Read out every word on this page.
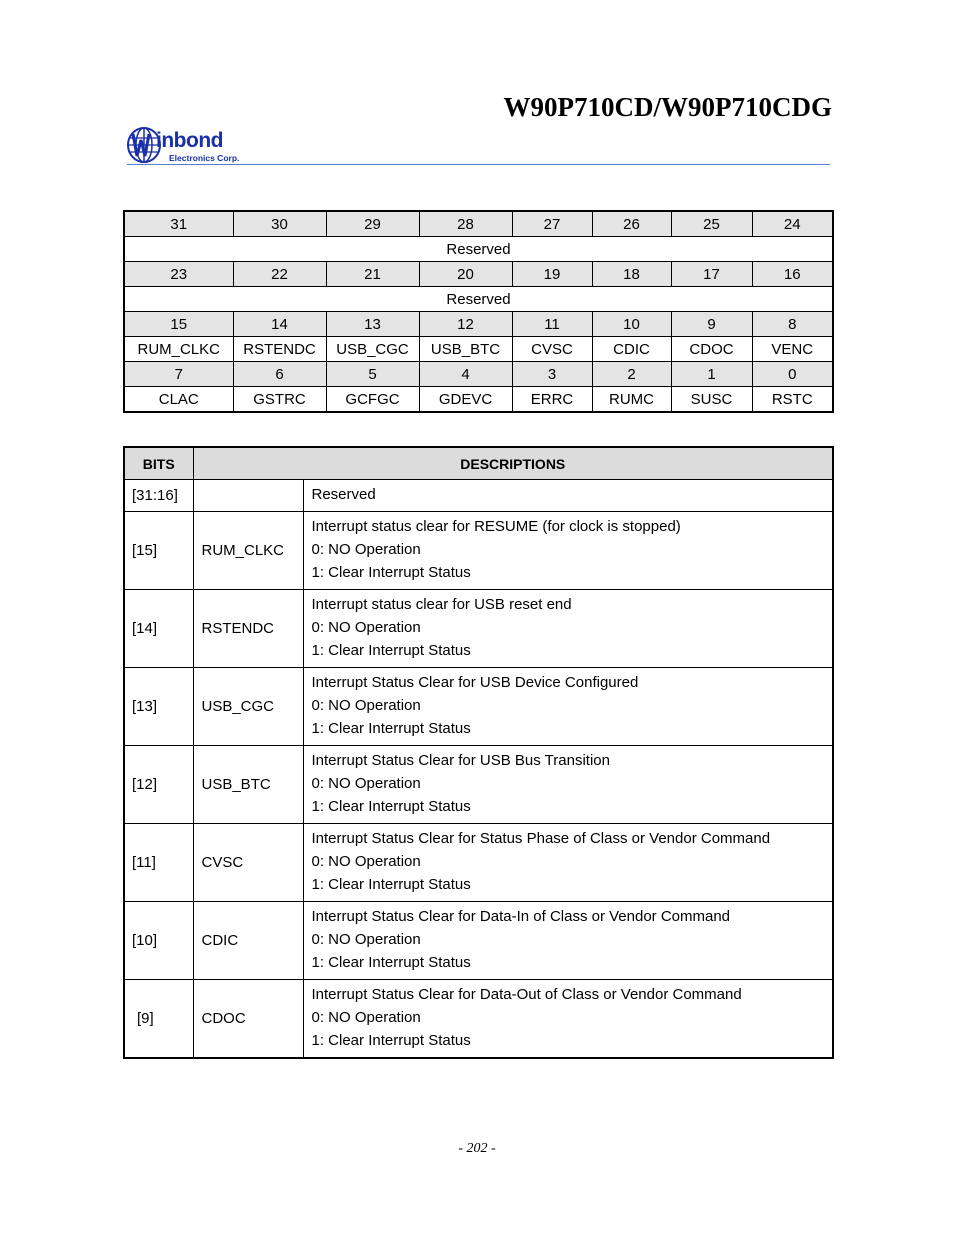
W90P710CD/W90P710CDG
inbond
Electronics Corp.
31	30	29	28	27	26	25	24
Reserved							
23	22	21	20	19	18	17	16
Reserved							
15	14	13	12	11	10	9	8
RUM_CLKC	RSTENDC	USB_CGC	USB_BTC	CVSC	CDIC	CDOC	VENC
7	6	5	4	3	2	1	0
CLAC	GSTRC	GCFGC	GDEVC	ERRC	RUMC	SUSC	RSTC
BITS	DESCRIPTIONS	
[31:16]		Reserved

[15]	RUM_CLKC	Interrupt status clear for RESUME (for clock is stopped)
0: NO Operation
1: Clear Interrupt Status

[14]	RSTENDC	Interrupt status clear for USB reset end
0: NO Operation
1: Clear Interrupt Status

[13]	USB_CGC	Interrupt Status Clear for USB Device Configured
0: NO Operation
1: Clear Interrupt Status

[12]	USB_BTC	Interrupt Status Clear for USB Bus Transition
0: NO Operation
1: Clear Interrupt Status

[11]	CVSC	Interrupt Status Clear for Status Phase of Class or Vendor Command
0: NO Operation
1: Clear Interrupt Status

[10]	CDIC	Interrupt Status Clear for Data-In of Class or Vendor Command
0: NO Operation
1: Clear Interrupt Status

[9]	CDOC	Interrupt Status Clear for Data-Out of Class or Vendor Command
0: NO Operation
1: Clear Interrupt Status
- 202 -
